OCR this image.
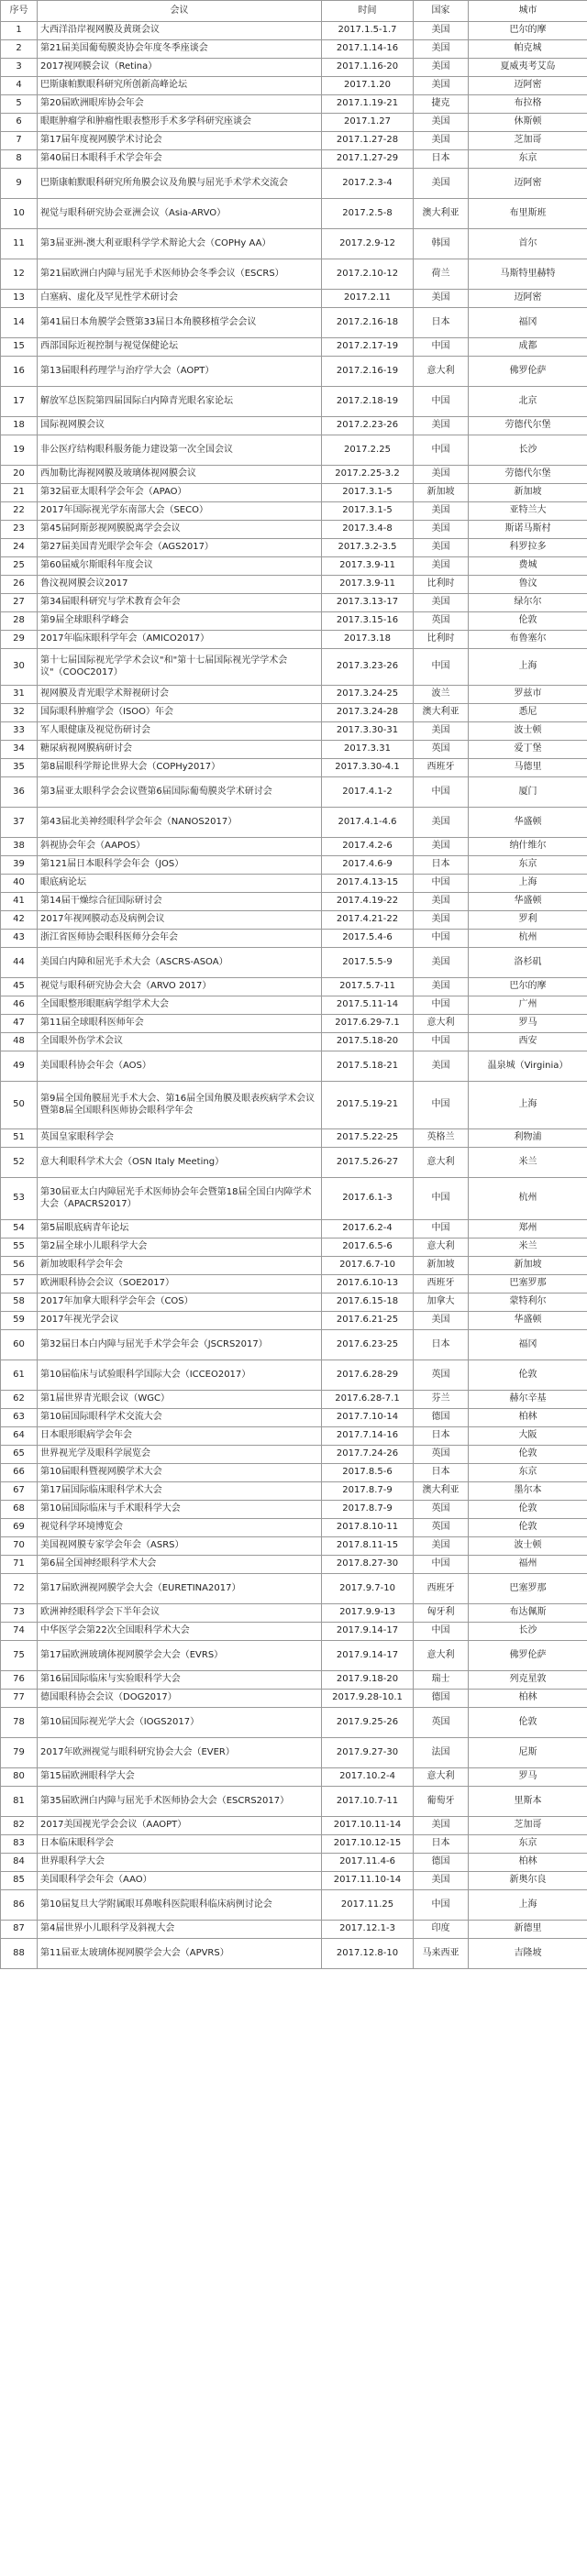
序号	会议	时间	国家	城市
1	大西洋沿岸视网膜及黄斑会议	2017.1.5-1.7	美国	巴尔的摩
2	第21届美国葡萄膜炎协会年度冬季座谈会	2017.1.14-16	美国	帕克城
3	2017视网膜会议（Retina）	2017.1.16-20	美国	夏威夷考艾岛
4	巴斯康帕默眼科研究所创新高峰论坛	2017.1.20	美国	迈阿密
5	第20届欧洲眼库协会年会	2017.1.19-21	捷克	布拉格
6	眼眶肿瘤学和肿瘤性眼表整形手术多学科研究座谈会	2017.1.27	美国	休斯顿
7	第17届年度视网膜学术讨论会	2017.1.27-28	美国	芝加哥
8	第40届日本眼科手术学会年会	2017.1.27-29	日本	东京
9	巴斯康帕默眼科研究所角膜会议及角膜与屈光手术学术交流会	2017.2.3-4	美国	迈阿密
10	视觉与眼科研究协会亚洲会议（Asia-ARVO）	2017.2.5-8	澳大利亚	布里斯班
11	第3届亚洲-澳大利亚眼科学学术辩论大会（COPHy AA）	2017.2.9-12	韩国	首尔
12	第21届欧洲白内障与屈光手术医师协会冬季会议（ESCRS）	2017.2.10-12	荷兰	马斯特里赫特
13	白塞病、虚化及罕见性学术研讨会	2017.2.11	美国	迈阿密
14	第41届日本角膜学会暨第33届日本角膜移植学会会议	2017.2.16-18	日本	福冈
15	西部国际近视控制与视觉保健论坛	2017.2.17-19	中国	成都
16	第13届眼科药理学与治疗学大会（AOPT）	2017.2.16-19	意大利	佛罗伦萨
17	解放军总医院第四届国际白内障青光眼名家论坛	2017.2.18-19	中国	北京
18	国际视网膜会议	2017.2.23-26	美国	劳德代尔堡
19	非公医疗结构眼科服务能力建设第一次全国会议	2017.2.25	中国	长沙
20	西加勒比海视网膜及玻璃体视网膜会议	2017.2.25-3.2	美国	劳德代尔堡
21	第32届亚太眼科学会年会（APAO）	2017.3.1-5	新加坡	新加坡
22	2017年国际视光学东南部大会（SECO）	2017.3.1-5	美国	亚特兰大
23	第45届阿斯彭视网膜脱离学会会议	2017.3.4-8	美国	斯诺马斯村
24	第27届美国青光眼学会年会（AGS2017）	2017.3.2-3.5	美国	科罗拉多
25	第60届威尔斯眼科年度会议	2017.3.9-11	美国	费城
26	鲁汶视网膜会议2017	2017.3.9-11	比利时	鲁汶
27	第34届眼科研究与学术教育会年会	2017.3.13-17	美国	绿尔尔
28	第9届全球眼科学峰会	2017.3.15-16	英国	伦敦
29	2017年临床眼科学年会（AMICO2017）	2017.3.18	比利时	布鲁塞尔
30	第十七届国际视光学学术会议"和"第十七届国际视光学学术会议"（COOC2017）	2017.3.23-26	中国	上海
31	视网膜及青光眼学术辩视研讨会	2017.3.24-25	波兰	罗兹市
32	国际眼科肿瘤学会（ISOO）年会	2017.3.24-28	澳大利亚	悉尼
33	军人眼健康及视觉伤研讨会	2017.3.30-31	美国	波士顿
34	糖尿病视网膜病研讨会	2017.3.31	英国	爱丁堡
35	第8届眼科学辩论世界大会（COPHy2017）	2017.3.30-4.1	西班牙	马德里
36	第3届亚太眼科学会会议暨第6届国际葡萄膜炎学术研讨会	2017.4.1-2	中国	厦门
37	第43届北美神经眼科学会年会（NANOS2017）	2017.4.1-4.6	美国	华盛顿
38	斜视协会年会（AAPOS）	2017.4.2-6	美国	纳什维尔
39	第121届日本眼科学会年会（JOS）	2017.4.6-9	日本	东京
40	眼底病论坛	2017.4.13-15	中国	上海
41	第14届干燥综合征国际研讨会	2017.4.19-22	美国	华盛顿
42	2017年视网膜动态及病例会议	2017.4.21-22	美国	罗利
43	浙江省医师协会眼科医师分会年会	2017.5.4-6	中国	杭州
44	美国白内障和屈光手术大会（ASCRS-ASOA）	2017.5.5-9	美国	洛杉矶
45	视觉与眼科研究协会大会（ARVO 2017）	2017.5.7-11	美国	巴尔的摩
46	全国眼整形眼眶病学组学术大会	2017.5.11-14	中国	广州
47	第11届全球眼科医师年会	2017.6.29-7.1	意大利	罗马
48	全国眼外伤学术会议	2017.5.18-20	中国	西安
49	美国眼科协会年会（AOS）	2017.5.18-21	美国	温泉城（Virginia）
50	第9届全国角膜屈光手术大会、第16届全国角膜及眼表疾病学术会议暨第8届全国眼科医师协会眼科学年会	2017.5.19-21	中国	上海
51	英国皇家眼科学会	2017.5.22-25	英格兰	利物浦
52	意大利眼科学术大会（OSN Italy Meeting）	2017.5.26-27	意大利	米兰
53	第30届亚太白内障屈光手术医师协会年会暨第18届全国白内障学术大会（APACRS2017）	2017.6.1-3	中国	杭州
54	第5届眼底病青年论坛	2017.6.2-4	中国	郑州
55	第2届全球小儿眼科学大会	2017.6.5-6	意大利	米兰
56	新加坡眼科学会年会	2017.6.7-10	新加坡	新加坡
57	欧洲眼科协会会议（SOE2017）	2017.6.10-13	西班牙	巴塞罗那
58	2017年加拿大眼科学会年会（COS）	2017.6.15-18	加拿大	蒙特利尔
59	2017年视光学会议	2017.6.21-25	美国	华盛顿
60	第32届日本白内障与屈光手术学会年会（JSCRS2017）	2017.6.23-25	日本	福冈
61	第10届临床与试验眼科学国际大会（ICCEO2017）	2017.6.28-29	英国	伦敦
62	第1届世界青光眼会议（WGC）	2017.6.28-7.1	芬兰	赫尔辛基
63	第10届国际眼科学术交流大会	2017.7.10-14	德国	柏林
64	日本眼形眼病学会年会	2017.7.14-16	日本	大阪
65	世界视光学及眼科学展览会	2017.7.24-26	英国	伦敦
66	第10届眼科暨视网膜学术大会	2017.8.5-6	日本	东京
67	第17届国际临床眼科学术大会	2017.8.7-9	澳大利亚	墨尔本
68	第10届国际临床与手术眼科学大会	2017.8.7-9	英国	伦敦
69	视觉科学环境博览会	2017.8.10-11	英国	伦敦
70	美国视网膜专家学会年会（ASRS）	2017.8.11-15	美国	波士顿
71	第6届全国神经眼科学术大会	2017.8.27-30	中国	福州
72	第17届欧洲视网膜学会大会（EURETINA2017）	2017.9.7-10	西班牙	巴塞罗那
73	欧洲神经眼科学会下半年会议	2017.9.9-13	匈牙利	布达佩斯
74	中华医学会第22次全国眼科学术大会	2017.9.14-17	中国	长沙
75	第17届欧洲玻璃体视网膜学会大会（EVRS）	2017.9.14-17	意大利	佛罗伦萨
76	第16届国际临床与实验眼科学大会	2017.9.18-20	瑞士	列克星敦
77	德国眼科协会会议（DOG2017）	2017.9.28-10.1	德国	柏林
78	第10届国际视光学大会（IOGS2017）	2017.9.25-26	英国	伦敦
79	2017年欧洲视觉与眼科研究协会大会（EVER）	2017.9.27-30	法国	尼斯
80	第15届欧洲眼科学大会	2017.10.2-4	意大利	罗马
81	第35届欧洲白内障与屈光手术医师协会大会（ESCRS2017）	2017.10.7-11	葡萄牙	里斯本
82	2017美国视光学会会议（AAOPT）	2017.10.11-14	美国	芝加哥
83	日本临床眼科学会	2017.10.12-15	日本	东京
84	世界眼科学大会	2017.11.4-6	德国	柏林
85	美国眼科学会年会（AAO）	2017.11.10-14	美国	新奥尔良
86	第10届复旦大学附属眼耳鼻喉科医院眼科临床病例讨论会	2017.11.25	中国	上海
87	第4届世界小儿眼科学及斜视大会	2017.12.1-3	印度	新德里
88	第11届亚太玻璃体视网膜学会大会（APVRS）	2017.12.8-10	马来西亚	吉隆坡
